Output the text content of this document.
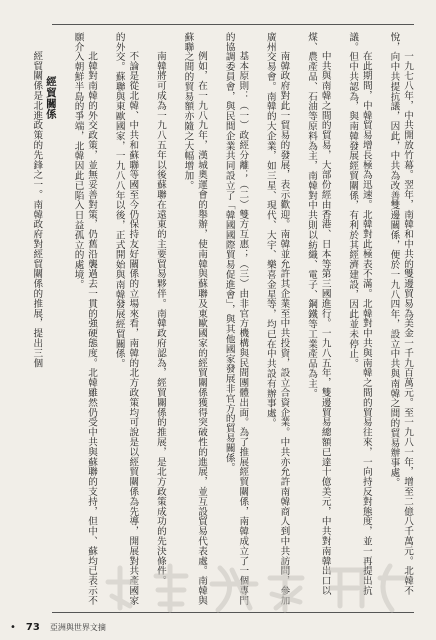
一九七八年，中共開放竹幕。翌年，南韓和中共的雙邊貿易為美金一千九百萬元。至一九八一年，增至二億八千萬元。北韓不悅，向中共提抗議，因此，中共為改善雙邊關係，便於一九八四年，設立中共與南韓之間的貿易辦事處。

在此期間，中韓貿易增長極為迅速。北韓對此極表不滿。北韓對中共與南韓之間的貿易往來，一向持反對態度，並一再提出抗議。但中共認為，與南韓發展經貿關係，有利於其經濟建設，因此並未停止。

中共與南韓之間的貿易，大部份經由香港、日本等第三國進行。一九八五年，雙邊貿易總額已達十億美元，中共對南韓出口以煤、農產品、石油等原料為主，南韓對中共則以紡織、電子、鋼鐵等工業產品為主。

南韓政府對此一貿易的發展，表示歡迎。南韓並允許其企業至中共投資，設立合資企業。中共亦允許南韓商人到中共訪問，參加廣州交易會。南韓的大企業，如三星、現代、大宇、樂喜金星等，均已在中共設有辦事處。

基本原則：（一）政經分離；（二）雙方互惠；（三）由非官方機構與民間團體出面。為了推展經貿關係，南韓成立了一個專門的協調委員會，與民間企業共同設立了「韓國國際貿易促進會」，與其他國家發展非官方的貿易關係。

例如，在一九八九年，漢城奧運會的舉辦，使南韓與蘇聯及東歐國家的經貿關係獲得突破性的進展，並互設貿易代表處。南韓與蘇聯之間的貿易額亦隨之大幅增加。

南韓將可成為一九八五年以後蘇聯在遠東的主要貿易夥伴。南韓政府認為，經貿關係的推展，是北方政策成功的先決條件。

不論是從北韓、中共和蘇聯等國至今仍保持友好關係的立場來看，南韓的北方政策均可說是以經貿關係為先導，開展對共產國家的外交。蘇聯與東歐國家，一九八八年以後，正式開始與南韓發展經貿關係。

北韓對南韓的外交政策，並無妥善對策，仍舊沿襲過去一貫的強硬態度。北韓雖然仍受中共與蘇聯的支持，但中、蘇均已表示不願介入朝鮮半島的爭端，北韓因此已陷入日益孤立的處境。

經貿關係

經貿關係是北進政策的先鋒之一。南韓政府對經貿關係的推展，提出三個

• 73 亞洲與世界文摘
